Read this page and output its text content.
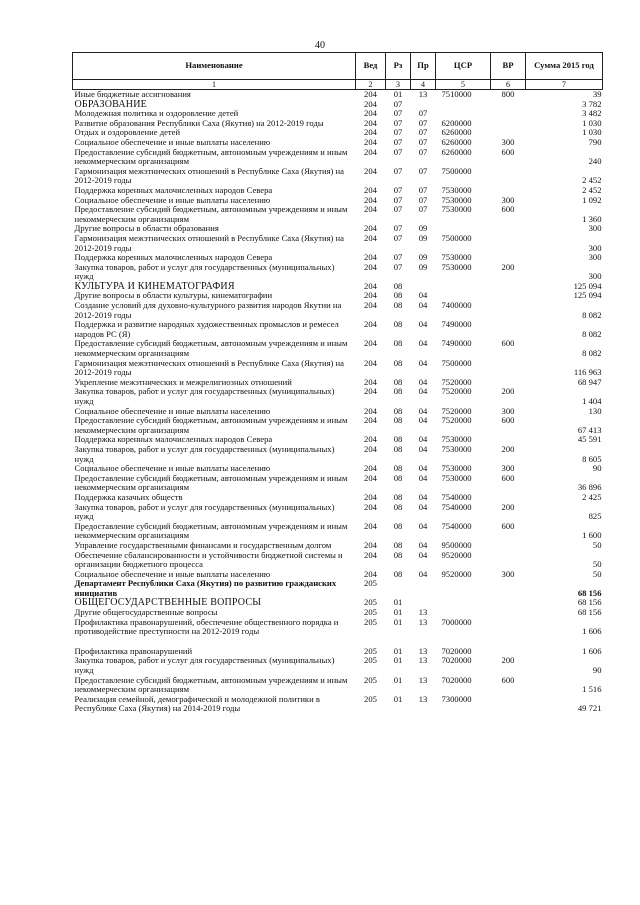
40
Наименование	Вед	Рз	Пр	ЦСР	ВР	Сумма 2015 год
1	2	3	4	5	6	7
Иные бюджетные ассигнования	204	01	13	7510000	800	39
ОБРАЗОВАНИЕ	204	07				3 782
Молодежная политика и оздоровление детей	204	07	07			3 482
Развитие образования Республики Саха (Якутия) на 2012-2019 годы	204	07	07	6200000		1 030
Отдых и оздоровление детей	204	07	07	6260000		1 030
Социальное обеспечение и иные выплаты населению	204	07	07	6260000	300	790
Предоставление субсидий бюджетным, автономным учреждениям и иным некоммерческим организациям	204	07	07	6260000	600	240
Гармонизация межэтнических отношений в Республике Саха (Якутия) на 2012-2019 годы	204	07	07	7500000		2 452
Поддержка коренных малочисленных народов Севера	204	07	07	7530000		2 452
Социальное обеспечение и иные выплаты населению	204	07	07	7530000	300	1 092
Предоставление субсидий бюджетным, автономным учреждениям и иным некоммерческим организациям	204	07	07	7530000	600	1 360
Другие вопросы в области образования	204	07	09			300
Гармонизация межэтнических отношений в Республике Саха (Якутия) на 2012-2019 годы	204	07	09	7500000		300
Поддержка коренных малочисленных народов Севера	204	07	09	7530000		300
Закупка товаров, работ и услуг для государственных (муниципальных) нужд	204	07	09	7530000	200	300
КУЛЬТУРА И КИНЕМАТОГРАФИЯ	204	08				125 094
Другие вопросы в области культуры, кинематографии	204	08	04			125 094
Создание условий для духовно-культурного развития народов Якутии на 2012-2019 годы	204	08	04	7400000		8 082
Поддержка и развитие народных художественных промыслов и ремесел народов РС (Я)	204	08	04	7490000		8 082
Предоставление субсидий бюджетным, автономным учреждениям и иным некоммерческим организациям	204	08	04	7490000	600	8 082
Гармонизация межэтнических отношений в Республике Саха (Якутия) на 2012-2019 годы	204	08	04	7500000		116 963
Укрепление межэтнических и межрелигиозных отношений	204	08	04	7520000		68 947
Закупка товаров, работ и услуг для государственных (муниципальных) нужд	204	08	04	7520000	200	1 404
Социальное обеспечение и иные выплаты населению	204	08	04	7520000	300	130
Предоставление субсидий бюджетным, автономным учреждениям и иным некоммерческим организациям	204	08	04	7520000	600	67 413
Поддержка коренных малочисленных народов Севера	204	08	04	7530000		45 591
Закупка товаров, работ и услуг для государственных (муниципальных) нужд	204	08	04	7530000	200	8 605
Социальное обеспечение и иные выплаты населению	204	08	04	7530000	300	90
Предоставление субсидий бюджетным, автономным учреждениям и иным некоммерческим организациям	204	08	04	7530000	600	36 896
Поддержка казачьих обществ	204	08	04	7540000		2 425
Закупка товаров, работ и услуг для государственных (муниципальных) нужд	204	08	04	7540000	200	825
Предоставление субсидий бюджетным, автономным учреждениям и иным некоммерческим организациям	204	08	04	7540000	600	1 600
Управление государственными финансами и государственным долгом	204	08	04	9500000		50
Обеспечение сбалансированности и устойчивости бюджетной системы и организации бюджетного процесса	204	08	04	9520000		50
Социальное обеспечение и иные выплаты населению	204	08	04	9520000	300	50
Департамент Республики Саха (Якутия) по развитию гражданских инициатив	205					68 156
ОБЩЕГОСУДАРСТВЕННЫЕ ВОПРОСЫ	205	01				68 156
Другие общегосударственные вопросы	205	01	13			68 156
Профилактика правонарушений, обеспечение общественного порядка и противодействие преступности на 2012-2019 годы	205	01	13	7000000		1 606

Профилактика правонарушений	205	01	13	7020000		1 606
Закупка товаров, работ и услуг для государственных (муниципальных) нужд	205	01	13	7020000	200	90
Предоставление субсидий бюджетным, автономным учреждениям и иным некоммерческим организациям	205	01	13	7020000	600	1 516
Реализация семейной, демографической и молодежной политики в Республике Саха (Якутия) на 2014-2019 годы	205	01	13	7300000		49 721
